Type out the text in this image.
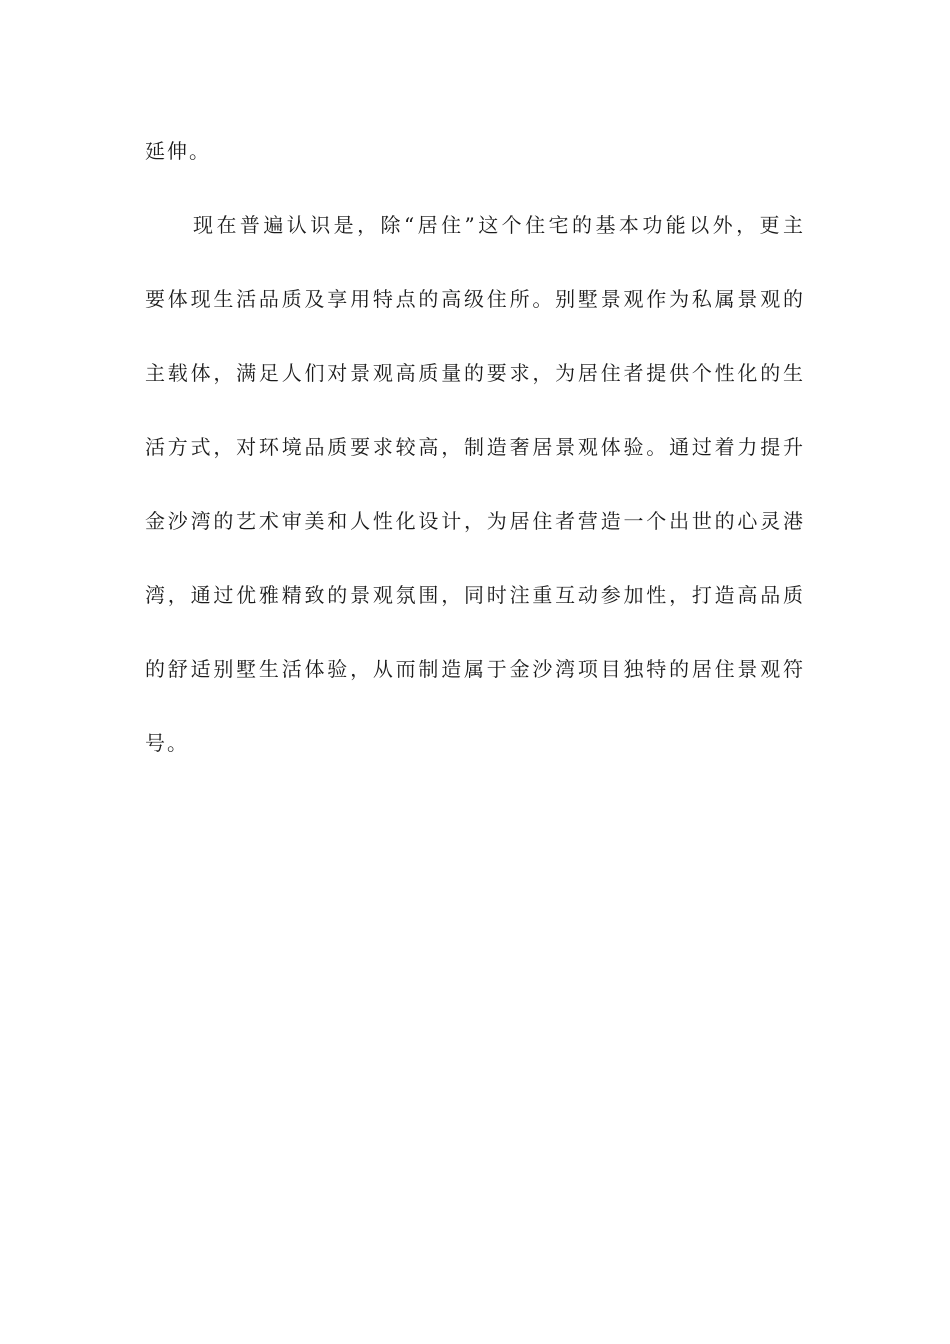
延伸。
现在普遍认识是，除“居住”这个住宅的基本功能以外，更主
要体现生活品质及享用特点的高级住所。别墅景观作为私属景观的
主载体，满足人们对景观高质量的要求，为居住者提供个性化的生
活方式，对环境品质要求较高，制造奢居景观体验。通过着力提升
金沙湾的艺术审美和人性化设计，为居住者营造一个出世的心灵港
湾，通过优雅精致的景观氛围，同时注重互动参加性，打造高品质
的舒适别墅生活体验，从而制造属于金沙湾项目独特的居住景观符
号。
